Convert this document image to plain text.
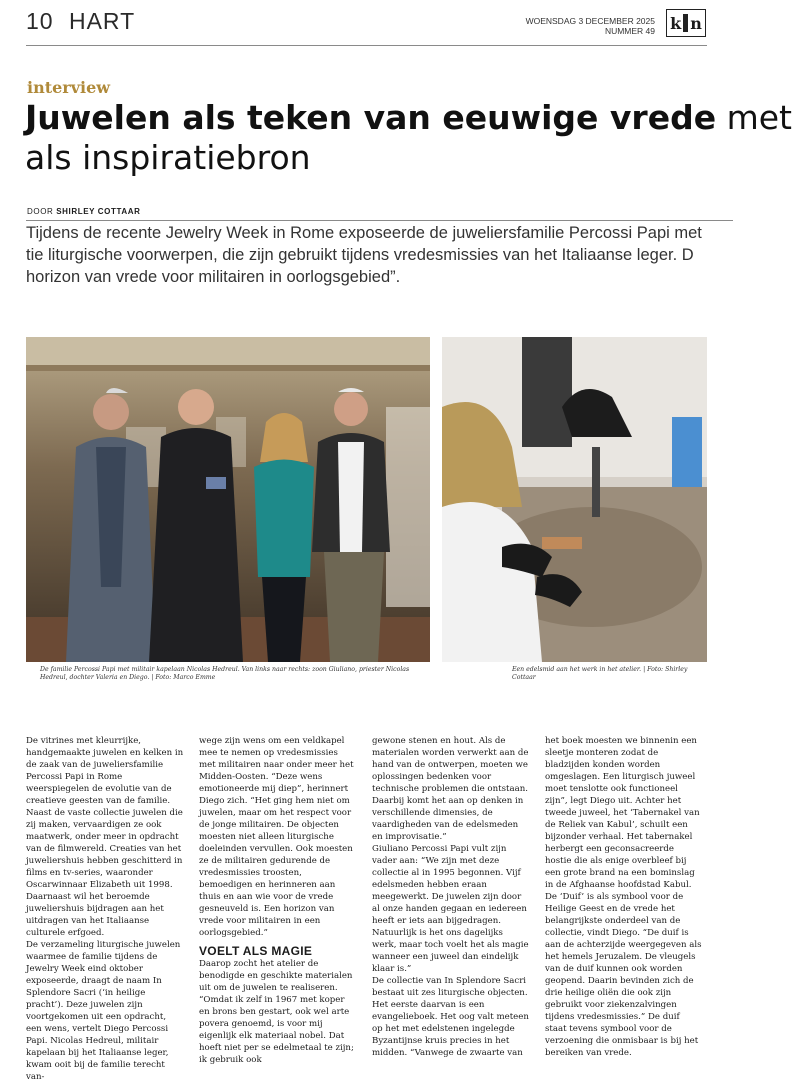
10 HART	WOENSDAG 3 DECEMBER 2025
NUMMER 49 k n
interview
Juwelen als teken van eeuwige vrede met
als inspiratiebron
DOOR SHIRLEY COTTAAR
Tijdens de recente Jewelry Week in Rome exposeerde de juweliersfamilie Percossi Papi met
tie liturgische voorwerpen, die zijn gebruikt tijdens vredesmissies van het Italiaanse leger. D
horizon van vrede voor militairen in oorlogsgebied”.
De familie Percossi Papi met militair kapelaan Nicolas Hedreul. Van links naar rechts: zoon Giuliano, priester Nicolas Hedreul, dochter Valeria en Diego. | Foto: Marco Emme
Een edelsmid aan het werk in het atelier. | Foto: Shirley Cottaar

De vitrines met kleurrijke, handgemaakte juwelen en kelken in de zaak van de juweliersfamilie Percossi Papi in Rome weerspiegelen de evolutie van de creatieve geesten van de familie. Naast de vaste collectie juwelen die zij maken, vervaardigen ze ook maatwerk, onder meer in opdracht van de filmwereld. Creaties van het juweliershuis hebben geschitterd in films en tv-series, waaronder Oscarwinnaar Elizabeth uit 1998. Daarnaast wil het beroemde juweliershuis bijdragen aan het uitdragen van het Italiaanse culturele erfgoed.

De verzameling liturgische juwelen waarmee de familie tijdens de Jewelry Week eind oktober exposeerde, draagt de naam In Splendore Sacri (‘in heilige pracht’). Deze juwelen zijn voortgekomen uit een opdracht, een wens, vertelt Diego Percossi Papi. Nicolas Hedreul, militair kapelaan bij het Italiaanse leger, kwam ooit bij de familie terecht van-

wege zijn wens om een veldkapel mee te nemen op vredesmissies met militairen naar onder meer het Midden-Oosten. “Deze wens emotioneerde mij diep”, herinnert Diego zich. “Het ging hem niet om juwelen, maar om het respect voor de jonge militairen. De objecten moesten niet alleen liturgische doeleinden vervullen. Ook moesten ze de militairen gedurende de vredesmissies troosten, bemoedigen en herinneren aan thuis en aan wie voor de vrede gesneuveld is. Een horizon van vrede voor militairen in een oorlogsgebied.”

VOELT ALS MAGIE

Daarop zocht het atelier de benodigde en geschikte materialen uit om de juwelen te realiseren. “Omdat ik zelf in 1967 met koper en brons ben gestart, ook wel arte povera genoemd, is voor mij eigenlijk elk materiaal nobel. Dat hoeft niet per se edelmetaal te zijn; ik gebruik ook

gewone stenen en hout. Als de materialen worden verwerkt aan de hand van de ontwerpen, moeten we oplossingen bedenken voor technische problemen die ontstaan. Daarbij komt het aan op denken in verschillende dimensies, de vaardigheden van de edelsmeden en improvisatie.”

Giuliano Percossi Papi vult zijn vader aan: “We zijn met deze collectie al in 1995 begonnen. Vijf edelsmeden hebben eraan meegewerkt. De juwelen zijn door al onze handen gegaan en iedereen heeft er iets aan bijgedragen. Natuurlijk is het ons dagelijks werk, maar toch voelt het als magie wanneer een juweel dan eindelijk klaar is.”

De collectie van In Splendore Sacri bestaat uit zes liturgische objecten. Het eerste daarvan is een evangelieboek. Het oog valt meteen op het met edelstenen ingelegde Byzantijnse kruis precies in het midden. “Vanwege de zwaarte van

het boek moesten we binnenin een sleetje monteren zodat de bladzijden konden worden omgeslagen. Een liturgisch juweel moet tenslotte ook functioneel zijn”, legt Diego uit. Achter het tweede juweel, het ‘Tabernakel van de Reliek van Kabul’, schuilt een bijzonder verhaal. Het tabernakel herbergt een geconsacreerde hostie die als enige overbleef bij een grote brand na een bominslag in de Afghaanse hoofdstad Kabul.

De ‘Duif’ is als symbool voor de Heilige Geest en de vrede het belangrijkste onderdeel van de collectie, vindt Diego. “De duif is aan de achterzijde weergegeven als het hemels Jeruzalem. De vleugels van de duif kunnen ook worden geopend. Daarin bevinden zich de drie heilige oliën die ook zijn gebruikt voor ziekenzalvingen tijdens vredesmissies.” De duif staat tevens symbool voor de verzoening die onmisbaar is bij het bereiken van vrede.
